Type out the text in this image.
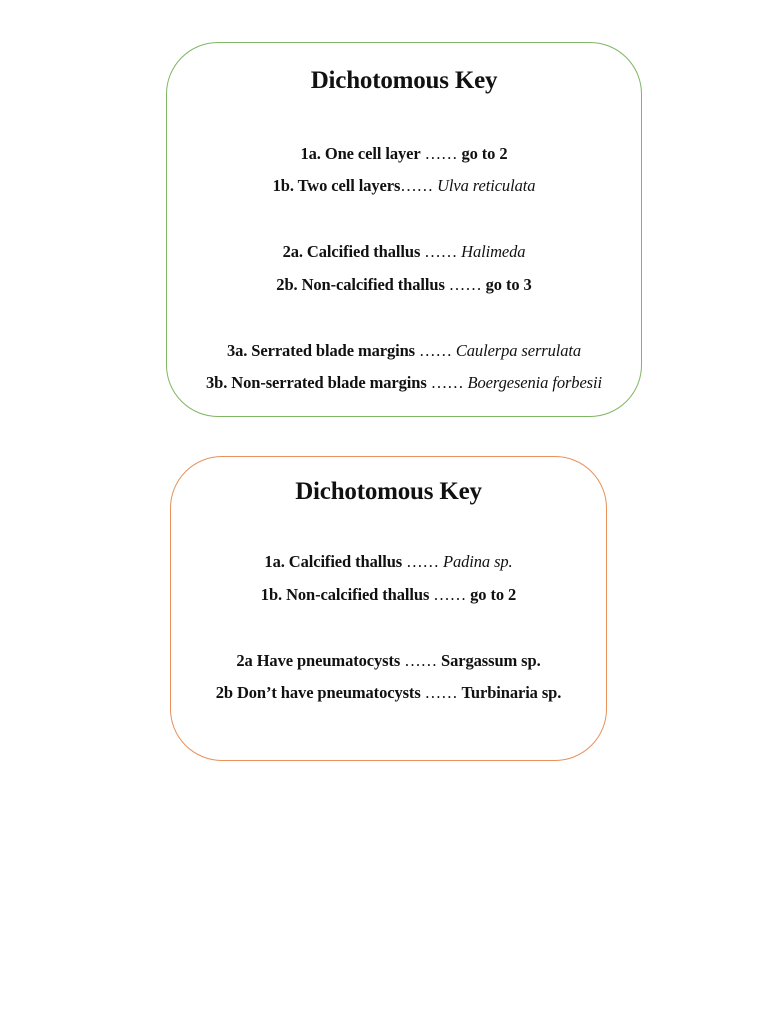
Dichotomous Key
1a. One cell layer …… go to 2
1b. Two cell layers…… Ulva reticulata
2a. Calcified thallus …… Halimeda
2b. Non-calcified thallus …… go to 3
3a. Serrated blade margins …… Caulerpa serrulata
3b. Non-serrated blade margins …… Boergesenia forbesii
Dichotomous Key
1a. Calcified thallus …… Padina sp.
1b. Non-calcified thallus …… go to 2
2a Have pneumatocysts …… Sargassum sp.
2b Don’t have pneumatocysts …… Turbinaria sp.
